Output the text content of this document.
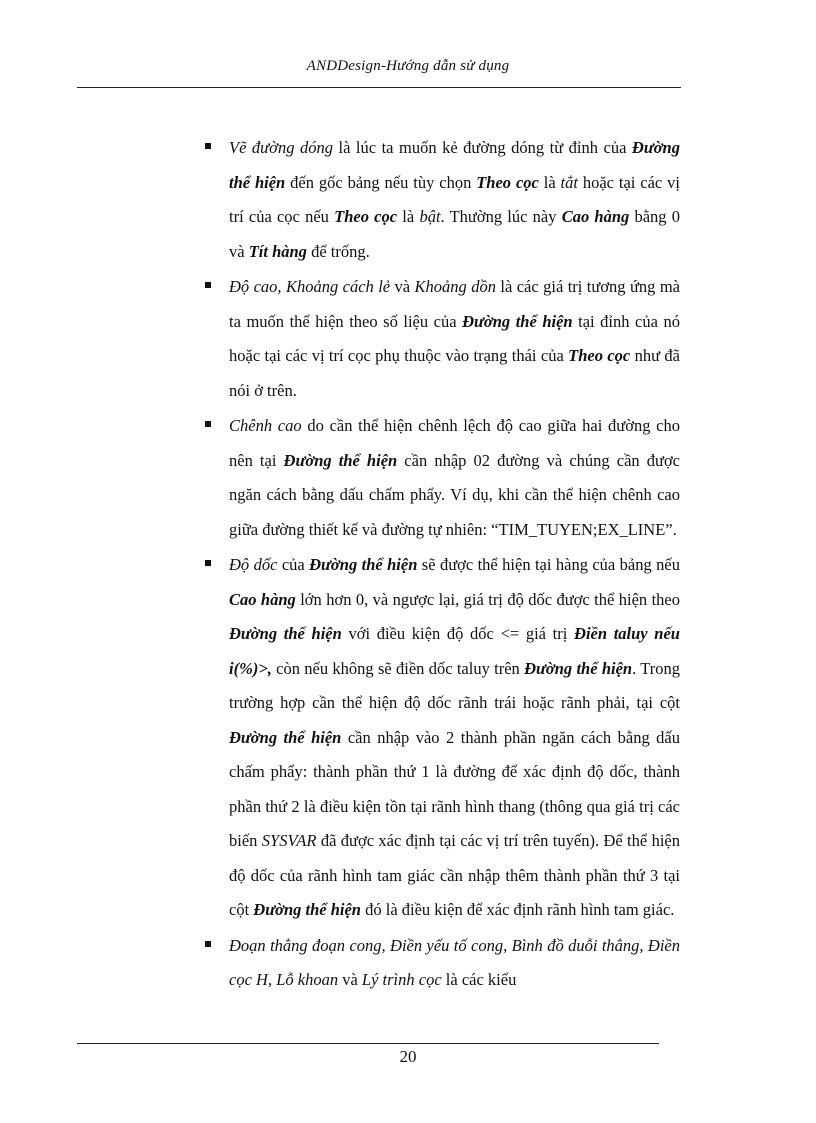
ANDDesign-Hướng dẫn sử dụng
Vẽ đường dóng là lúc ta muốn kẻ đường dóng từ đỉnh của Đường thể hiện đến gốc bảng nếu tùy chọn Theo cọc là tắt hoặc tại các vị trí của cọc nếu Theo cọc là bật. Thường lúc này Cao hàng bằng 0 và Tít hàng để trống.
Độ cao, Khoảng cách lẻ và Khoảng dồn là các giá trị tương ứng mà ta muốn thể hiện theo số liệu của Đường thể hiện tại đỉnh của nó hoặc tại các vị trí cọc phụ thuộc vào trạng thái của Theo cọc như đã nói ở trên.
Chênh cao do cần thể hiện chênh lệch độ cao giữa hai đường cho nên tại Đường thể hiện cần nhập 02 đường và chúng cần được ngăn cách bằng dấu chấm phẩy. Ví dụ, khi cần thể hiện chênh cao giữa đường thiết kế và đường tự nhiên: “TIM_TUYEN;EX_LINE”.
Độ dốc của Đường thể hiện sẽ được thể hiện tại hàng của bảng nếu Cao hàng lớn hơn 0, và ngược lại, giá trị độ dốc được thể hiện theo Đường thể hiện với điều kiện độ dốc <= giá trị Điền taluy nếu i(%)>, còn nếu không sẽ điền dốc taluy trên Đường thể hiện. Trong trường hợp cần thể hiện độ dốc rãnh trái hoặc rãnh phải, tại cột Đường thể hiện cần nhập vào 2 thành phần ngăn cách bằng dấu chấm phẩy: thành phần thứ 1 là đường để xác định độ dốc, thành phần thứ 2 là điều kiện tồn tại rãnh hình thang (thông qua giá trị các biến SYSVAR đã được xác định tại các vị trí trên tuyến). Để thể hiện độ dốc của rãnh hình tam giác cần nhập thêm thành phần thứ 3 tại cột Đường thể hiện đó là điều kiện để xác định rãnh hình tam giác.
Đoạn thẳng đoạn cong, Điền yếu tố cong, Bình đồ duỗi thẳng, Điền cọc H, Lỗ khoan và Lý trình cọc là các kiểu
20
